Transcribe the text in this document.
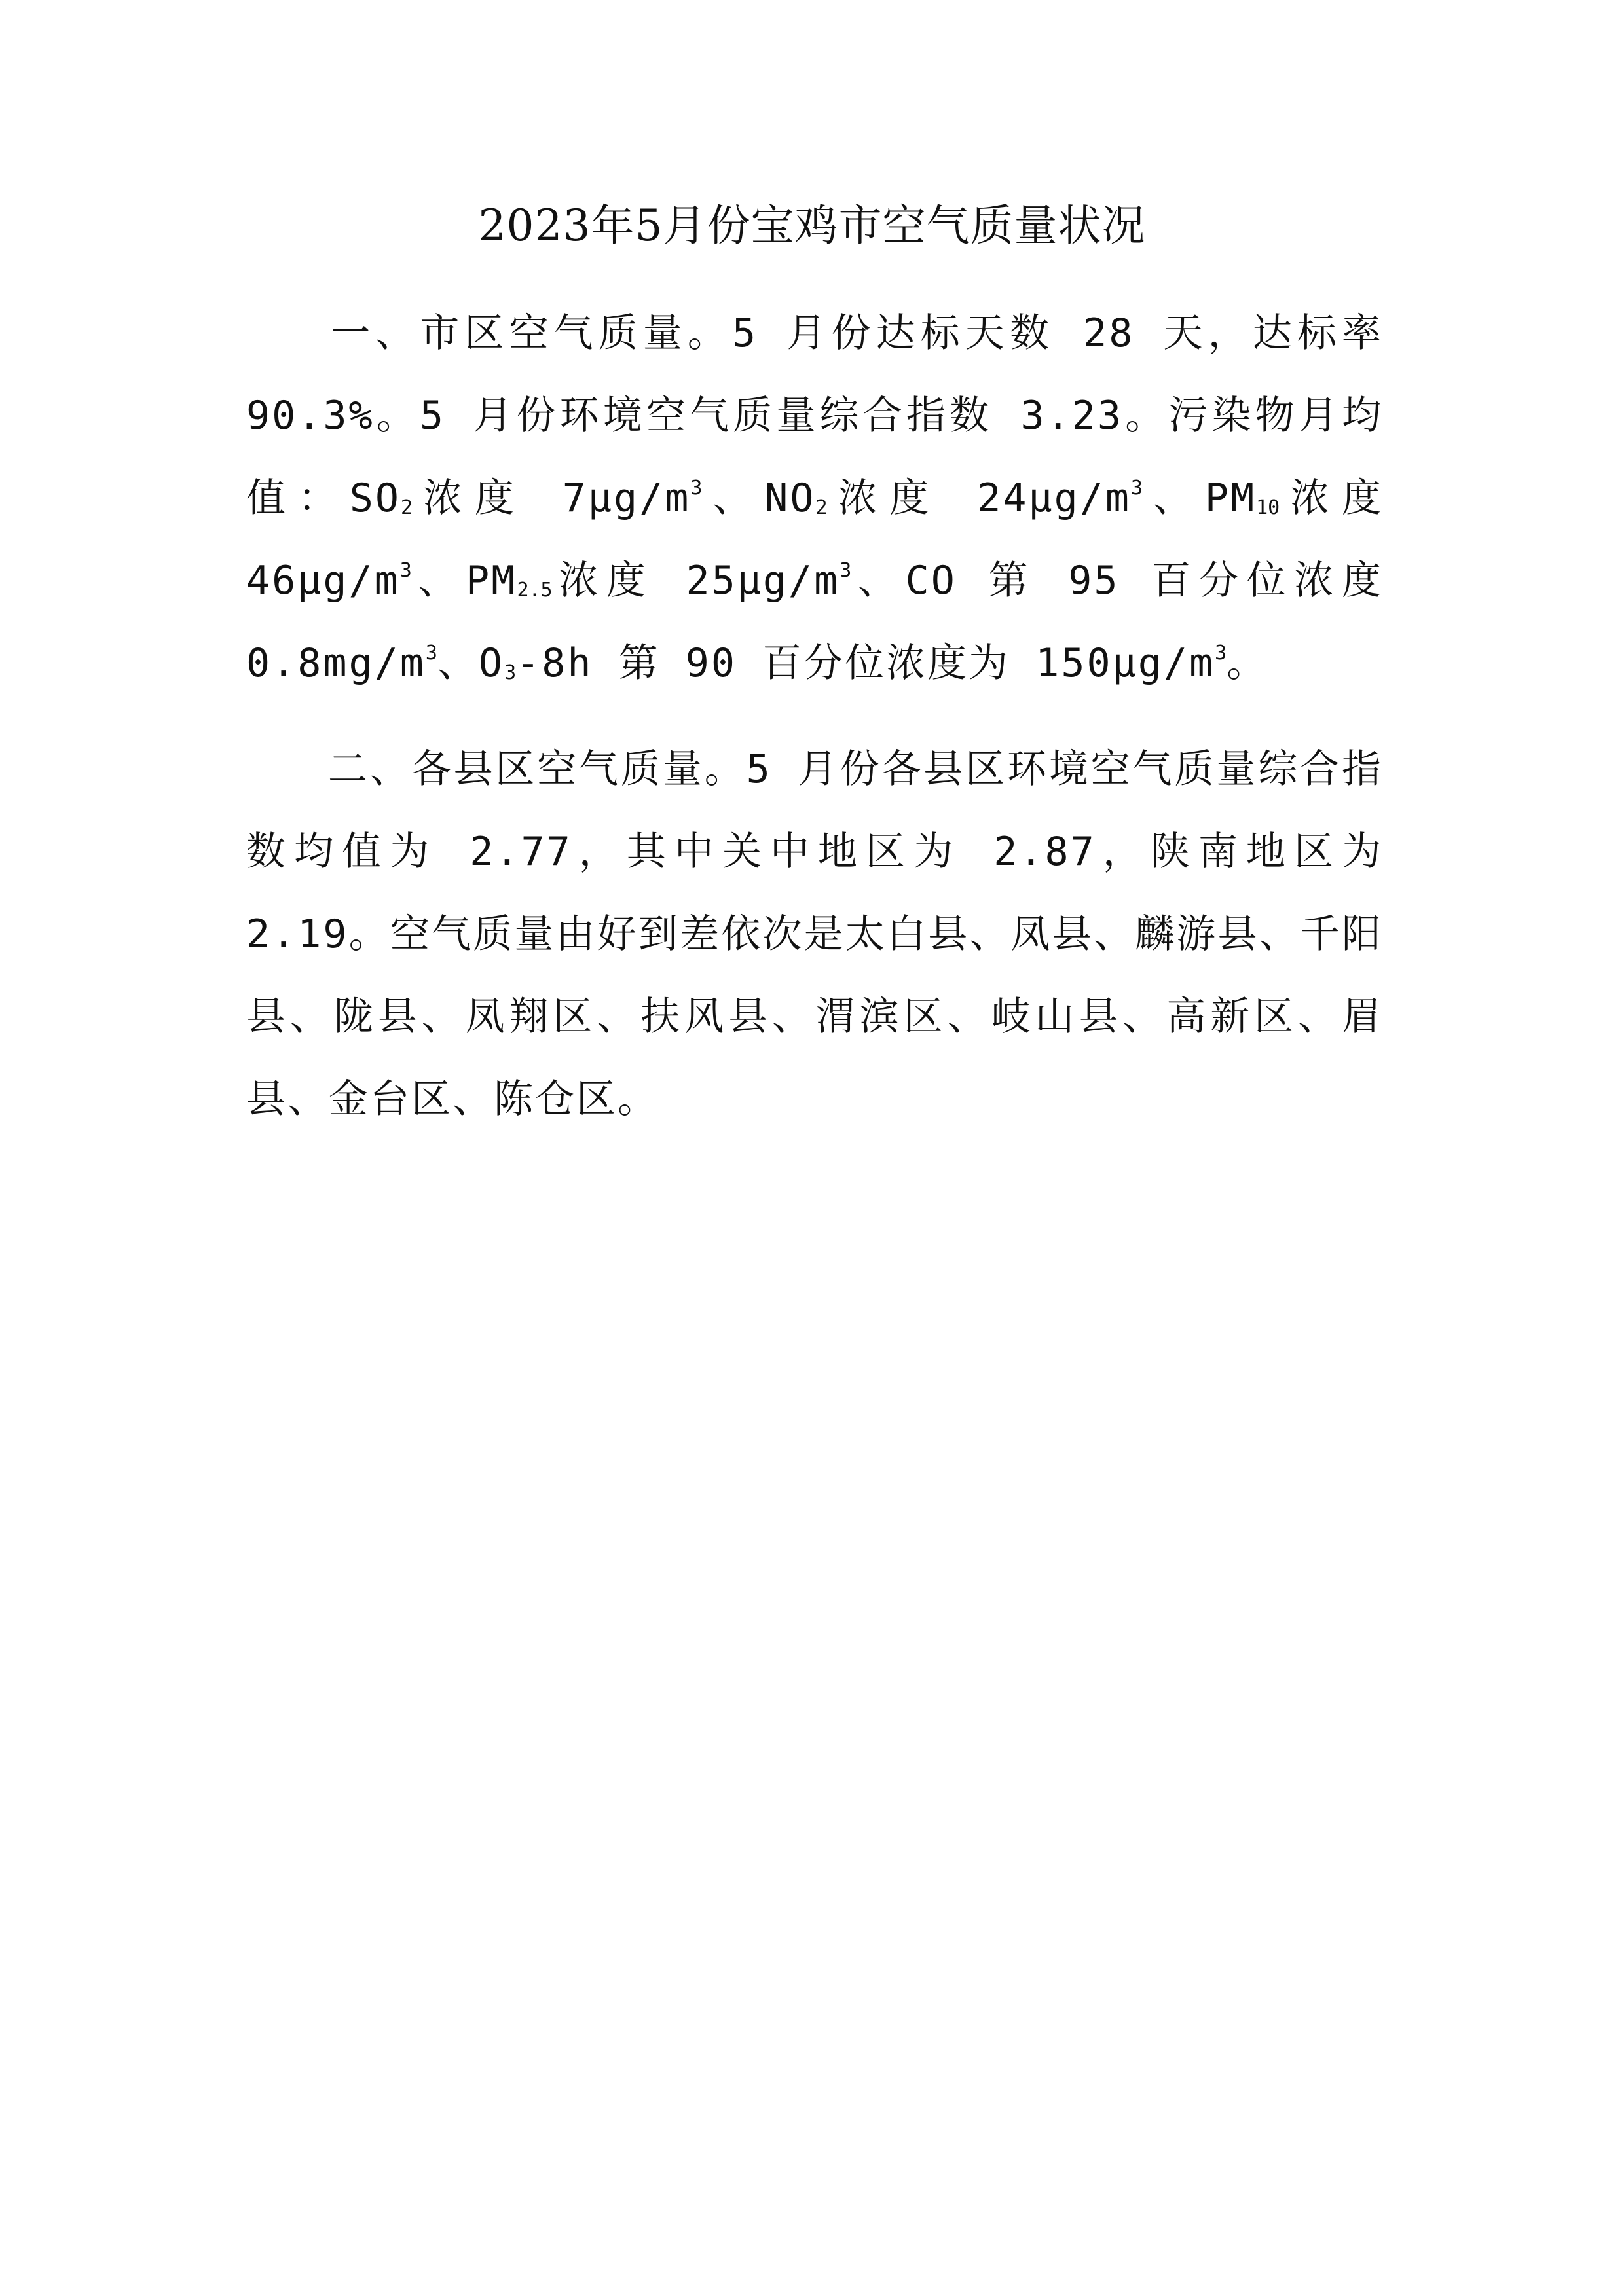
2023年5月份宝鸡市空气质量状况

一、市区空气质量。5 月份达标天数 28 天，达标率 90.3%。5 月份环境空气质量综合指数 3.23。污染物月均值：$SO_2$浓度 $7\mu g/m^3$、$NO_2$浓度 $24\mu g/m^3$、$PM_{10}$浓度 $46\mu g/m^3$、$PM_{2.5}$浓度 $25\mu g/m^3$、CO 第 95 百分位浓度 $0.8mg/m^3$、$O_3-8h$ 第 90 百分位浓度为 $150\mu g/m^3$。

二、各县区空气质量。5 月份各县区环境空气质量综合指数均值为 2.77，其中关中地区为 2.87，陕南地区为 2.19。空气质量由好到差依次是太白县、凤县、麟游县、千阳县、陇县、凤翔区、扶风县、渭滨区、岐山县、高新区、眉县、金台区、陈仓区。
